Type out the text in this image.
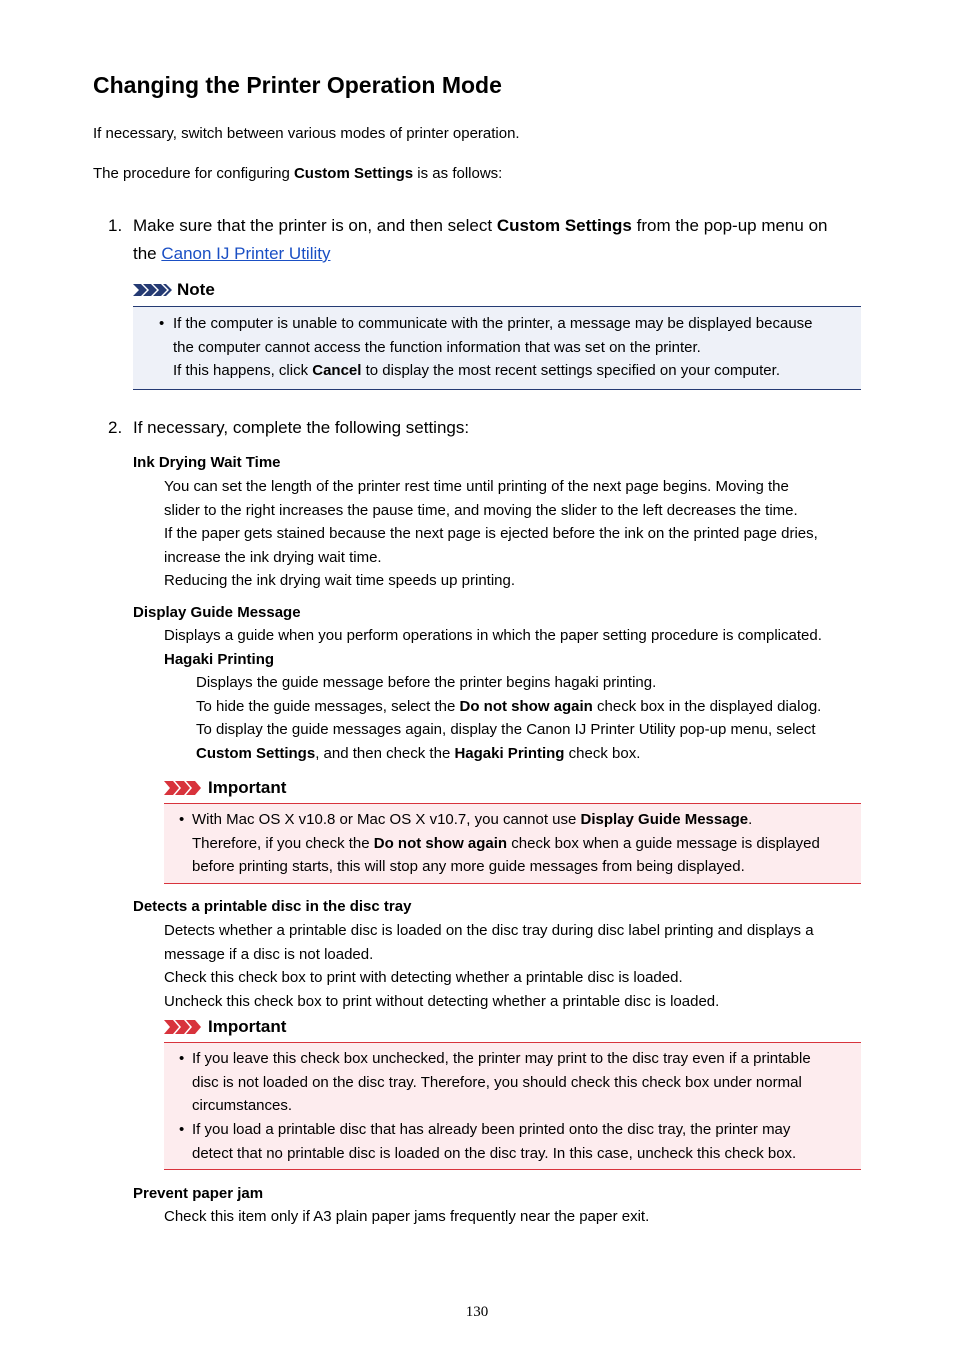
Changing the Printer Operation Mode

If necessary, switch between various modes of printer operation.

The procedure for configuring Custom Settings is as follows:

1. Make sure that the printer is on, and then select Custom Settings from the pop-up menu on the Canon IJ Printer Utility
Note
• If the computer is unable to communicate with the printer, a message may be displayed because
the computer cannot access the function information that was set on the printer.
If this happens, click Cancel to display the most recent settings specified on your computer.
2. If necessary, complete the following settings:
Ink Drying Wait Time
You can set the length of the printer rest time until printing of the next page begins. Moving the
slider to the right increases the pause time, and moving the slider to the left decreases the time.
If the paper gets stained because the next page is ejected before the ink on the printed page dries,
increase the ink drying wait time.
Reducing the ink drying wait time speeds up printing.
Display Guide Message
Displays a guide when you perform operations in which the paper setting procedure is complicated.
Hagaki Printing
Displays the guide message before the printer begins hagaki printing.
To hide the guide messages, select the Do not show again check box in the displayed dialog.
To display the guide messages again, display the Canon IJ Printer Utility pop-up menu, select
Custom Settings, and then check the Hagaki Printing check box.
Important
• With Mac OS X v10.8 or Mac OS X v10.7, you cannot use Display Guide Message.
Therefore, if you check the Do not show again check box when a guide message is displayed
before printing starts, this will stop any more guide messages from being displayed.
Detects a printable disc in the disc tray
Detects whether a printable disc is loaded on the disc tray during disc label printing and displays a
message if a disc is not loaded.
Check this check box to print with detecting whether a printable disc is loaded.
Uncheck this check box to print without detecting whether a printable disc is loaded.
Important
• If you leave this check box unchecked, the printer may print to the disc tray even if a printable
disc is not loaded on the disc tray. Therefore, you should check this check box under normal
circumstances.
• If you load a printable disc that has already been printed onto the disc tray, the printer may
detect that no printable disc is loaded on the disc tray. In this case, uncheck this check box.
Prevent paper jam
Check this item only if A3 plain paper jams frequently near the paper exit.
130
